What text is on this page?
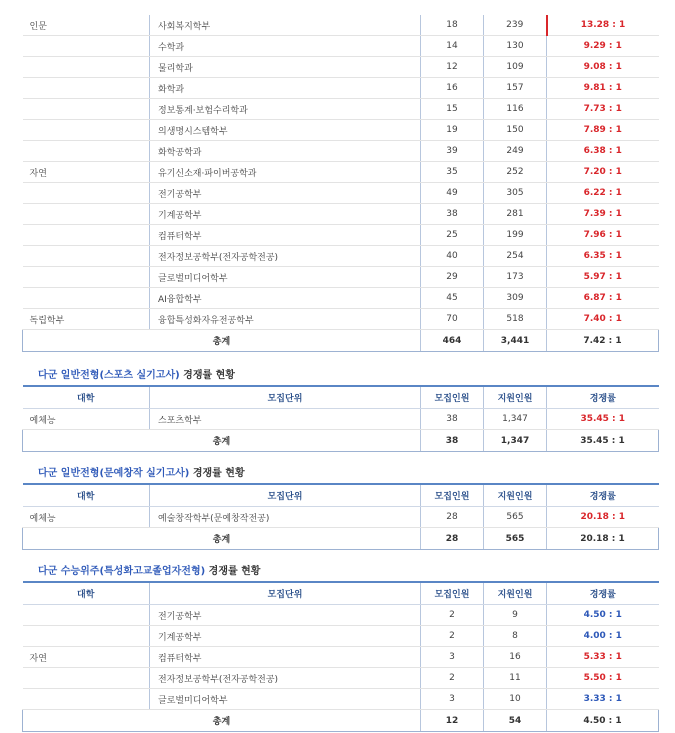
인문	사회복지학부	18	239	13.28 : 1
	수학과	14	130	9.29 : 1
	물리학과	12	109	9.08 : 1
	화학과	16	157	9.81 : 1
	정보통계·보험수리학과	15	116	7.73 : 1
	의생명시스템학부	19	150	7.89 : 1
	화학공학과	39	249	6.38 : 1
자연	유기신소재·파이버공학과	35	252	7.20 : 1
	전기공학부	49	305	6.22 : 1
	기계공학부	38	281	7.39 : 1
	컴퓨터학부	25	199	7.96 : 1
	전자정보공학부(전자공학전공)	40	254	6.35 : 1
	글로벌미디어학부	29	173	5.97 : 1
	AI융합학부	45	309	6.87 : 1
독립학부	융합특성화자유전공학부	70	518	7.40 : 1
총계		464	3,441	7.42 : 1
다군 일반전형(스포츠 실기고사) 경쟁률 현황
대학	모집단위	모집인원	지원인원	경쟁률
예체능	스포츠학부	38	1,347	35.45 : 1
총계		38	1,347	35.45 : 1
다군 일반전형(문예창작 실기고사) 경쟁률 현황
대학	모집단위	모집인원	지원인원	경쟁률
예체능	예술창작학부(문예창작전공)	28	565	20.18 : 1
총계		28	565	20.18 : 1
다군 수능위주(특성화고교졸업자전형) 경쟁률 현황
대학	모집단위	모집인원	지원인원	경쟁률
	전기공학부	2	9	4.50 : 1
	기계공학부	2	8	4.00 : 1
자연	컴퓨터학부	3	16	5.33 : 1
	전자정보공학부(전자공학전공)	2	11	5.50 : 1
	글로벌미디어학부	3	10	3.33 : 1
총계		12	54	4.50 : 1
